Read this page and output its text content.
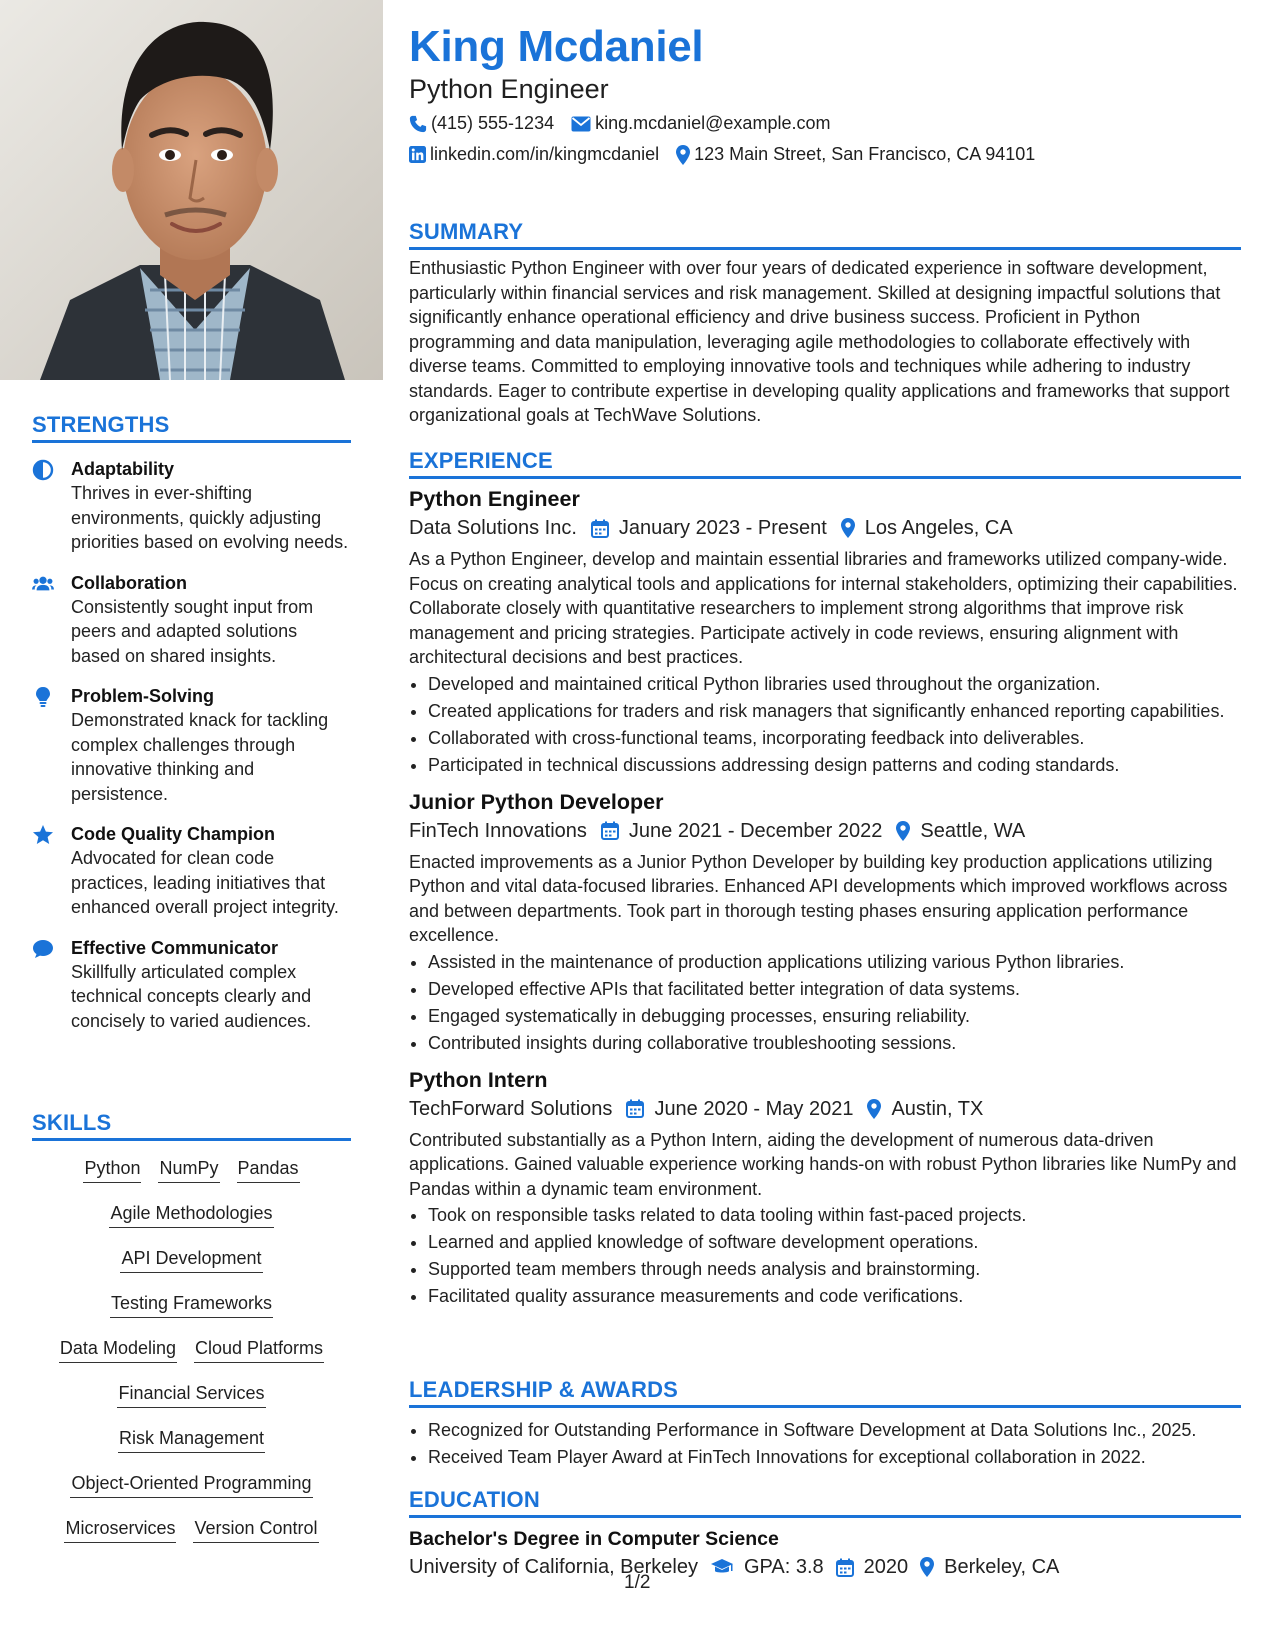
STRENGTHS
Adaptability
Thrives in ever-shifting environments, quickly adjusting priorities based on evolving needs.
Collaboration
Consistently sought input from peers and adapted solutions based on shared insights.
Problem-Solving
Demonstrated knack for tackling complex challenges through innovative thinking and persistence.
Code Quality Champion
Advocated for clean code practices, leading initiatives that enhanced overall project integrity.
Effective Communicator
Skillfully articulated complex technical concepts clearly and concisely to varied audiences.
SKILLS
Python NumPy Pandas
Agile Methodologies
API Development
Testing Frameworks
Data Modeling Cloud Platforms
Financial Services
Risk Management
Object-Oriented Programming
Microservices Version Control
King Mcdaniel
Python Engineer
(415) 555-1234 king.mcdaniel@example.com
linkedin.com/in/kingmcdaniel 123 Main Street, San Francisco, CA 94101
SUMMARY
Enthusiastic Python Engineer with over four years of dedicated experience in software development, particularly within financial services and risk management. Skilled at designing impactful solutions that significantly enhance operational efficiency and drive business success. Proficient in Python programming and data manipulation, leveraging agile methodologies to collaborate effectively with diverse teams. Committed to employing innovative tools and techniques while adhering to industry standards. Eager to contribute expertise in developing quality applications and frameworks that support organizational goals at TechWave Solutions.
EXPERIENCE
Python Engineer
Data Solutions Inc. January 2023 - Present Los Angeles, CA
As a Python Engineer, develop and maintain essential libraries and frameworks utilized company-wide. Focus on creating analytical tools and applications for internal stakeholders, optimizing their capabilities. Collaborate closely with quantitative researchers to implement strong algorithms that improve risk management and pricing strategies. Participate actively in code reviews, ensuring alignment with architectural decisions and best practices.
• Developed and maintained critical Python libraries used throughout the organization.
• Created applications for traders and risk managers that significantly enhanced reporting capabilities.
• Collaborated with cross-functional teams, incorporating feedback into deliverables.
• Participated in technical discussions addressing design patterns and coding standards.
Junior Python Developer
FinTech Innovations June 2021 - December 2022 Seattle, WA
Enacted improvements as a Junior Python Developer by building key production applications utilizing Python and vital data-focused libraries. Enhanced API developments which improved workflows across and between departments. Took part in thorough testing phases ensuring application performance excellence.
• Assisted in the maintenance of production applications utilizing various Python libraries.
• Developed effective APIs that facilitated better integration of data systems.
• Engaged systematically in debugging processes, ensuring reliability.
• Contributed insights during collaborative troubleshooting sessions.
Python Intern
TechForward Solutions June 2020 - May 2021 Austin, TX
Contributed substantially as a Python Intern, aiding the development of numerous data-driven applications. Gained valuable experience working hands-on with robust Python libraries like NumPy and Pandas within a dynamic team environment.
• Took on responsible tasks related to data tooling within fast-paced projects.
• Learned and applied knowledge of software development operations.
• Supported team members through needs analysis and brainstorming.
• Facilitated quality assurance measurements and code verifications.
LEADERSHIP & AWARDS
• Recognized for Outstanding Performance in Software Development at Data Solutions Inc., 2025.
• Received Team Player Award at FinTech Innovations for exceptional collaboration in 2022.
EDUCATION
Bachelor's Degree in Computer Science
University of California, Berkeley GPA: 3.8 2020 Berkeley, CA
1/2
